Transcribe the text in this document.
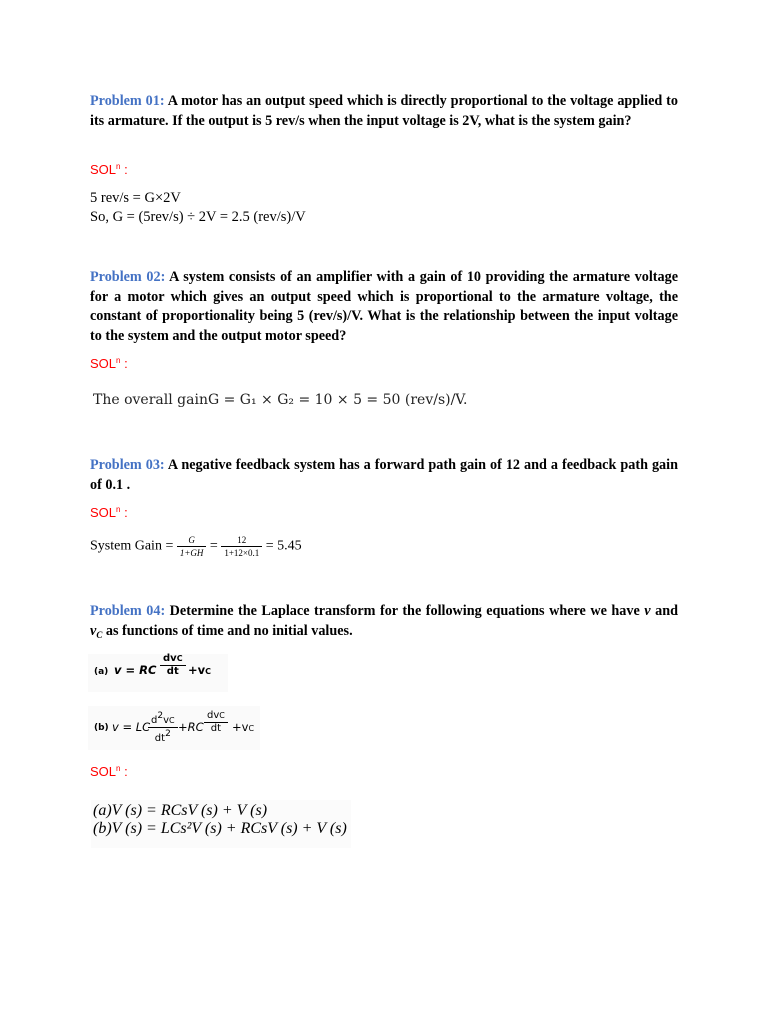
Problem 01: A motor has an output speed which is directly proportional to the voltage applied to its armature. If the output is 5 rev/s when the input voltage is 2V, what is the system gain?
SOL$^n$ :
5 rev/s = G×2V
So, G = (5rev/s) ÷ 2V = 2.5 (rev/s)/V
Problem 02: A system consists of an amplifier with a gain of 10 providing the armature voltage for a motor which gives an output speed which is proportional to the armature voltage, the constant of proportionality being 5 (rev/s)/V. What is the relationship between the input voltage to the system and the output motor speed?
SOL$^n$ :
The overall gainG = G₁ × G₂ = 10 × 5 = 50 (rev/s)/V.
Problem 03: A negative feedback system has a forward path gain of 12 and a feedback path gain of 0.1 .
SOL$^n$ :
System Gain = $\frac{G}{1+GH} = \frac{12}{1+12\times 0.1} = 5.45$
Problem 04: Determine the Laplace transform for the following equations where we have v and $v_C$ as functions of time and no initial values.
(a) v = RC
dvC
dt +vC
(b) v = LC
$\frac{d2vC}{dt2} +RC$
dvC
dt +vC
SOL$^n$ :
(a)V (s) = RCsV (s) + V (s)
(b)V (s) = LCs²V (s) + RCsV (s) + V (s)
